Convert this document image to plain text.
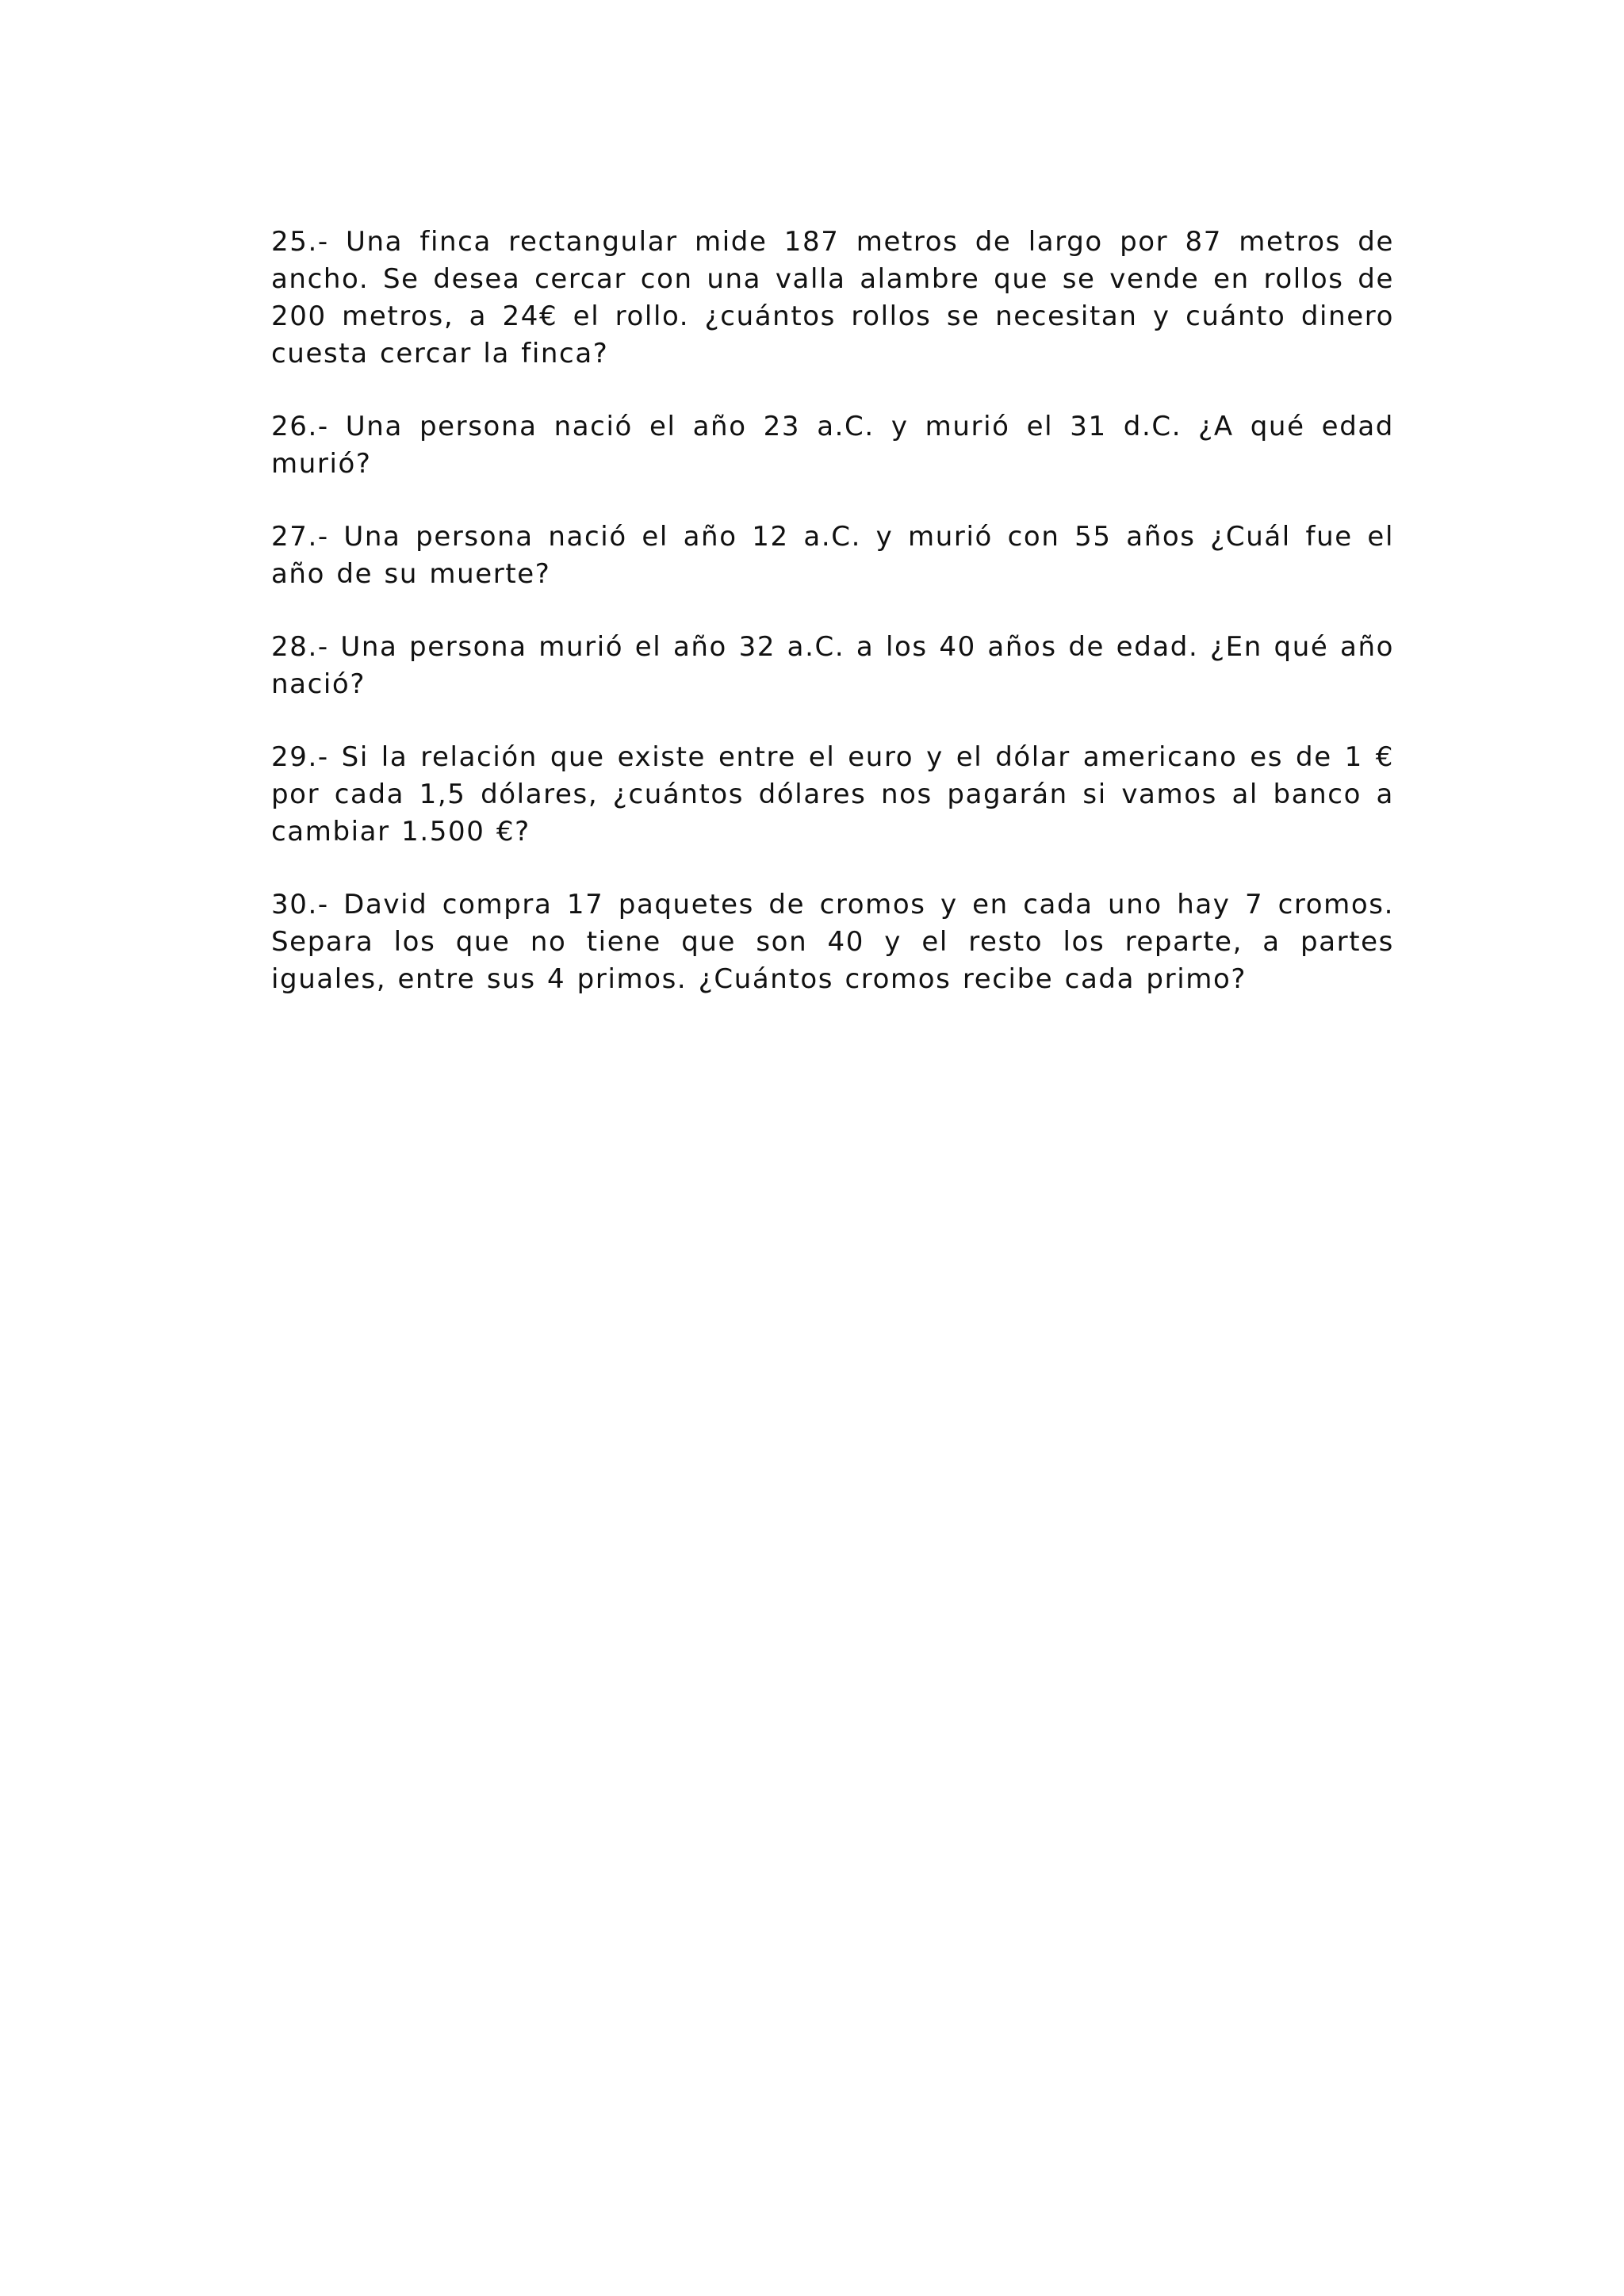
25.- Una finca rectangular mide 187 metros de largo por 87 metros de ancho. Se desea cercar con una valla alambre que se vende en rollos de 200 metros, a 24€ el rollo. ¿cuántos rollos se necesitan y cuánto dinero cuesta cercar la finca?

26.- Una persona nació el año 23 a.C. y murió el 31 d.C. ¿A qué edad murió?

27.- Una persona nació el año 12 a.C. y murió con 55 años ¿Cuál fue el año de su muerte?

28.- Una persona murió el año 32 a.C. a los 40 años de edad. ¿En qué año nació?

29.- Si la relación que existe entre el euro y el dólar americano es de 1 € por cada 1,5 dólares, ¿cuántos dólares nos pagarán si vamos al banco a cambiar 1.500 €?

30.- David compra 17 paquetes de cromos y en cada uno hay 7 cromos. Separa los que no tiene que son 40 y el resto los reparte, a partes iguales, entre sus 4 primos. ¿Cuántos cromos recibe cada primo?
